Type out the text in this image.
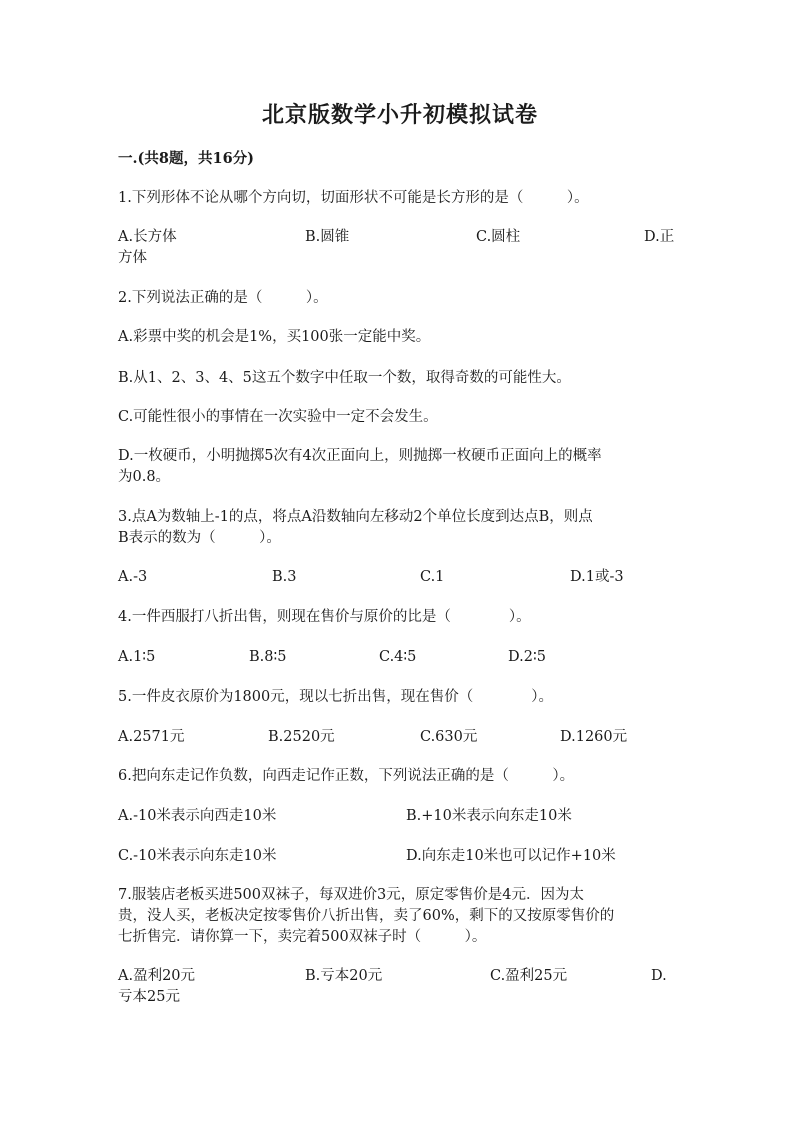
北京版数学小升初模拟试卷
一.(共8题，共16分)
1.下列形体不论从哪个方向切，切面形状不可能是长方形的是（　　　）。
A.长方体	B.圆锥	C.圆柱	D.正
方体
2.下列说法正确的是（　　　）。
A.彩票中奖的机会是1%，买100张一定能中奖。
B.从1、2、3、4、5这五个数字中任取一个数，取得奇数的可能性大。
C.可能性很小的事情在一次实验中一定不会发生。
D.一枚硬币，小明抛掷5次有4次正面向上，则抛掷一枚硬币正面向上的概率
为0.8。
3.点A为数轴上-1的点，将点A沿数轴向左移动2个单位长度到达点B，则点
B表示的数为（　　　）。
A.-3	B.3	C.1	D.1或-3
4.一件西服打八折出售，则现在售价与原价的比是（　　　　）。
A.1∶5	B.8∶5	C.4∶5	D.2∶5
5.一件皮衣原价为1800元，现以七折出售，现在售价（　　　　）。
A.2571元	B.2520元	C.630元	D.1260元
6.把向东走记作负数，向西走记作正数，下列说法正确的是（　　　）。
A.-10米表示向西走10米	B.+10米表示向东走10米
C.-10米表示向东走10米	D.向东走10米也可以记作+10米
7.服装店老板买进500双袜子，每双进价3元，原定零售价是4元．因为太
贵，没人买，老板决定按零售价八折出售，卖了60%，剩下的又按原零售价的
七折售完．请你算一下，卖完着500双袜子时（　　　）。
A.盈利20元	B.亏本20元	C.盈利25元	D.
亏本25元
